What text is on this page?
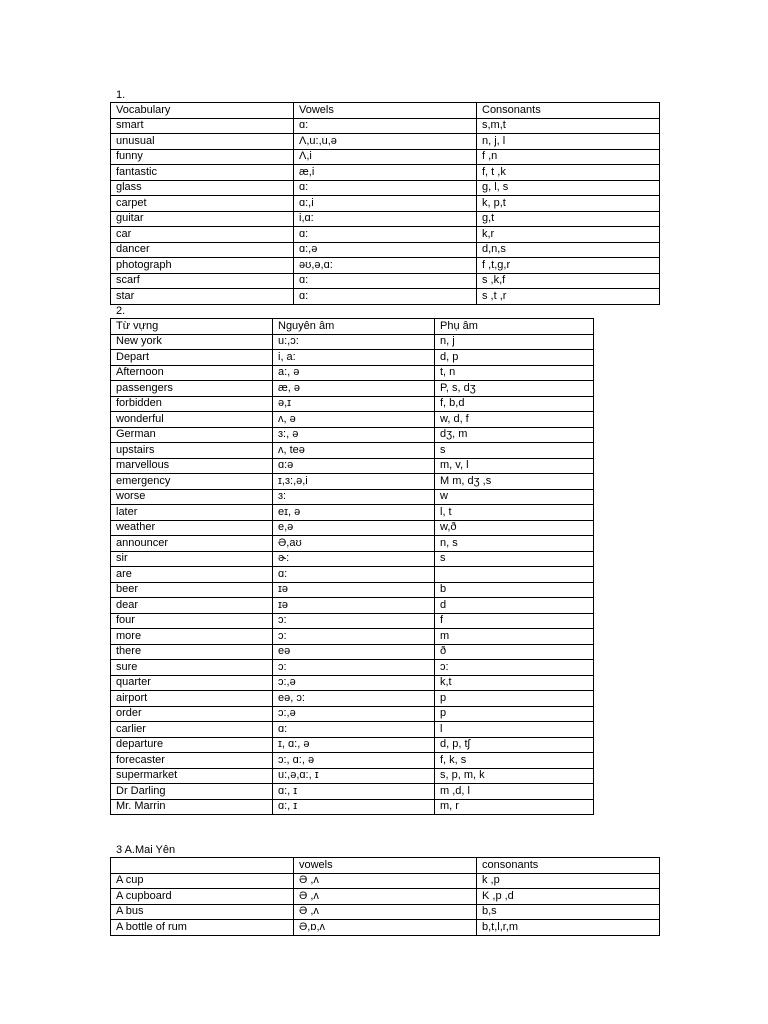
1.
Vocabulary	Vowels	Consonants
smart	ɑ:	s,m,t
unusual	Ʌ,u:,u,ə	n, j, l
funny	Ʌ,i	f ,n
fantastic	æ,i	f, t ,k
glass	ɑ:	g, l, s
carpet	ɑ:,i	k, p,t
guitar	i,ɑ:	g,t
car	ɑ:	k,r
dancer	ɑ:,ə	d,n,s
photograph	əʊ,ə,ɑ:	f ,t,g,r
scarf	ɑ:	s ,k,f
star	ɑ:	s ,t ,r
2.
Từ vựng	Nguyên âm	Phụ âm
New york	u:,ɔ:	n, j
Depart	i, a:	d, p
Afternoon	a:, ə	t, n
passengers	æ, ə	P, s, dʒ
forbidden	ə,ɪ	f, b,d
wonderful	ʌ, ə	w, d, f
German	ɜ:, ə	dʒ, m
upstairs	ʌ, teə	s
marvellous	ɑ:ə	m, v, l
emergency	ɪ,ɜ:,ə,i	M m, dʒ ,s
worse	ɜ:	w
later	eɪ, ə	l, t
weather	e,ə	w,ð
announcer	Ə,aʊ	n, s
sir	ɚ:	s
are	ɑ:	
beer	ɪə	b
dear	ɪə	d
four	ɔ:	f
more	ɔ:	m
there	eə	ð
sure	ɔ:	ɔ:
quarter	ɔ:,ə	k,t
airport	eə, ɔ:	p
order	ɔ:,ə	p
carlier	ɑ:	l
departure	ɪ, ɑ:, ə	d, p, tʃ
forecaster	ɔ:, ɑ:, ə	f, k, s
supermarket	u:,ə,ɑ:, ɪ	s, p, m, k
Dr Darling	ɑ:, ɪ	m ,d, l
Mr. Marrin	ɑ:, ɪ	m, r
3 A.Mai Yên
	vowels	consonants
A cup	Ə ,ʌ	k ,p
A cupboard	Ə ,ʌ	K ,p ,d
A bus	Ə ,ʌ	b,s
A bottle of rum	Ə,ɒ,ʌ	b,t,l,r,m
